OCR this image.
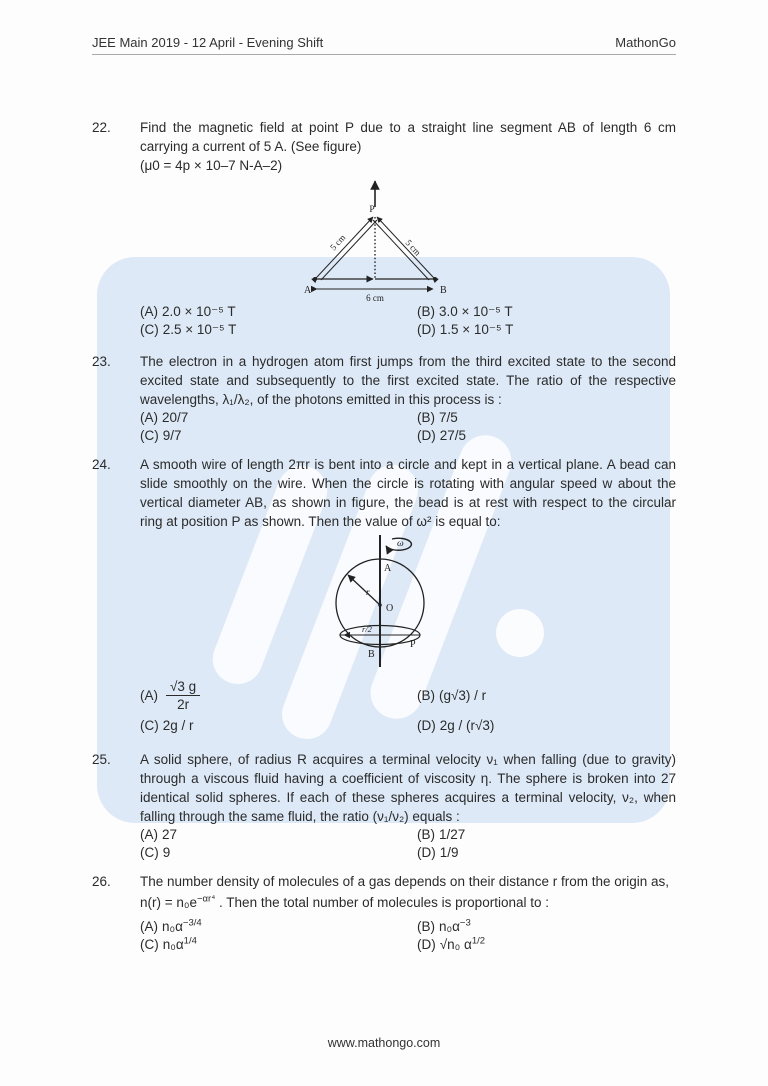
JEE Main 2019 - 12 April - Evening Shift	MathonGo
22.	Find the magnetic field at point P due to a straight line segment AB of length 6 cm carrying a current of 5 A. (See figure)

(μ0 = 4p × 10–7 N-A–2)

P
A	B
6 cm
5 cm	5 cm
(A) 2.0 × 10⁻⁵ T	(B) 3.0 × 10⁻⁵ T
(C) 2.5 × 10⁻⁵ T	(D) 1.5 × 10⁻⁵ T
23.	The electron in a hydrogen atom first jumps from the third excited state to the second excited state and subsequently to the first excited state. The ratio of the respective wavelengths, λ₁/λ₂, of the photons emitted in this process is :

(A) 20/7	(B) 7/5
(C) 9/7	(D) 27/5
24.	A smooth wire of length 2πr is bent into a circle and kept in a vertical plane. A bead can slide smoothly on the wire. When the circle is rotating with angular speed w about the vertical diameter AB, as shown in figure, the bead is at rest with respect to the circular ring at position P as shown. Then the value of ω² is equal to:

ω
A
r
O
r/2
P
B
$(A) \frac{√3 g}{2r}$	(B) (g√3) / r
(C) 2g / r	(D) 2g / (r√3)
25.	A solid sphere, of radius R acquires a terminal velocity ν₁ when falling (due to gravity) through a viscous fluid having a coefficient of viscosity η. The sphere is broken into 27 identical solid spheres. If each of these spheres acquires a terminal velocity, ν₂, when falling through the same fluid, the ratio (ν₁/ν₂) equals :

(A) 27	(B) 1/27
(C) 9	(D) 1/9
26.	The number density of molecules of a gas depends on their distance r from the origin as,

$n(r) = n_0e^{-\alpha r^4}$ . Then the total number of molecules is proportional to :

(A) $n_0\alpha^{-3/4}$	(B) $n_0\alpha^{-3}$
(C) $n_0\alpha^{1/4}$	(D) √n₀ $\alpha^{1/2}$
www.mathongo.com
